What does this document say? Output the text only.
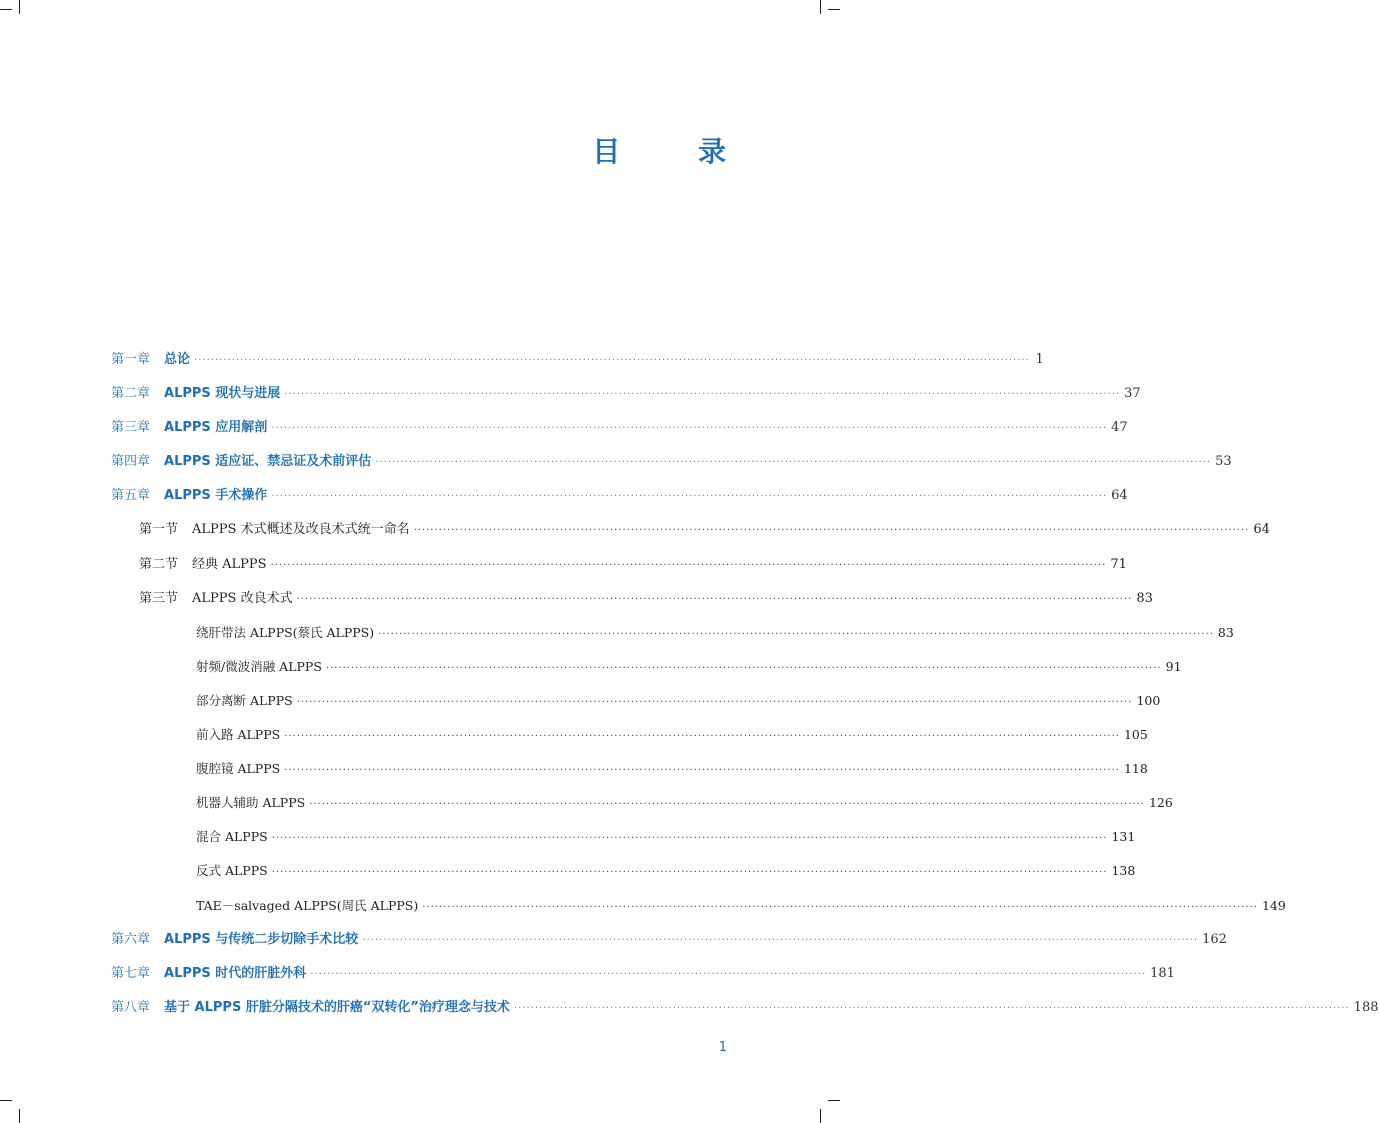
目 录
第一章 总论 ········································································································································································································ 1
第二章 ALPPS 现状与进展 ········································································································································································································ 37
第三章 ALPPS 应用解剖 ········································································································································································································ 47
第四章 ALPPS 适应证、禁忌证及术前评估 ········································································································································································································ 53
第五章 ALPPS 手术操作 ········································································································································································································ 64
第一节 ALPPS 术式概述及改良术式统一命名 ········································································································································································································ 64
第二节 经典 ALPPS ········································································································································································································ 71
第三节 ALPPS 改良术式 ········································································································································································································ 83
绕肝带法 ALPPS(蔡氏 ALPPS) ········································································································································································································ 83
射频/微波消融 ALPPS ········································································································································································································ 91
部分离断 ALPPS ········································································································································································································ 100
前入路 ALPPS ········································································································································································································ 105
腹腔镜 ALPPS ········································································································································································································ 118
机器人辅助 ALPPS ········································································································································································································ 126
混合 ALPPS ········································································································································································································ 131
反式 ALPPS ········································································································································································································ 138
TAE－salvaged ALPPS(周氏 ALPPS) ········································································································································································································ 149
第六章 ALPPS 与传统二步切除手术比较 ········································································································································································································ 162
第七章 ALPPS 时代的肝脏外科 ········································································································································································································ 181
第八章 基于 ALPPS 肝脏分隔技术的肝癌“双转化”治疗理念与技术 ········································································································································································································ 188
1
